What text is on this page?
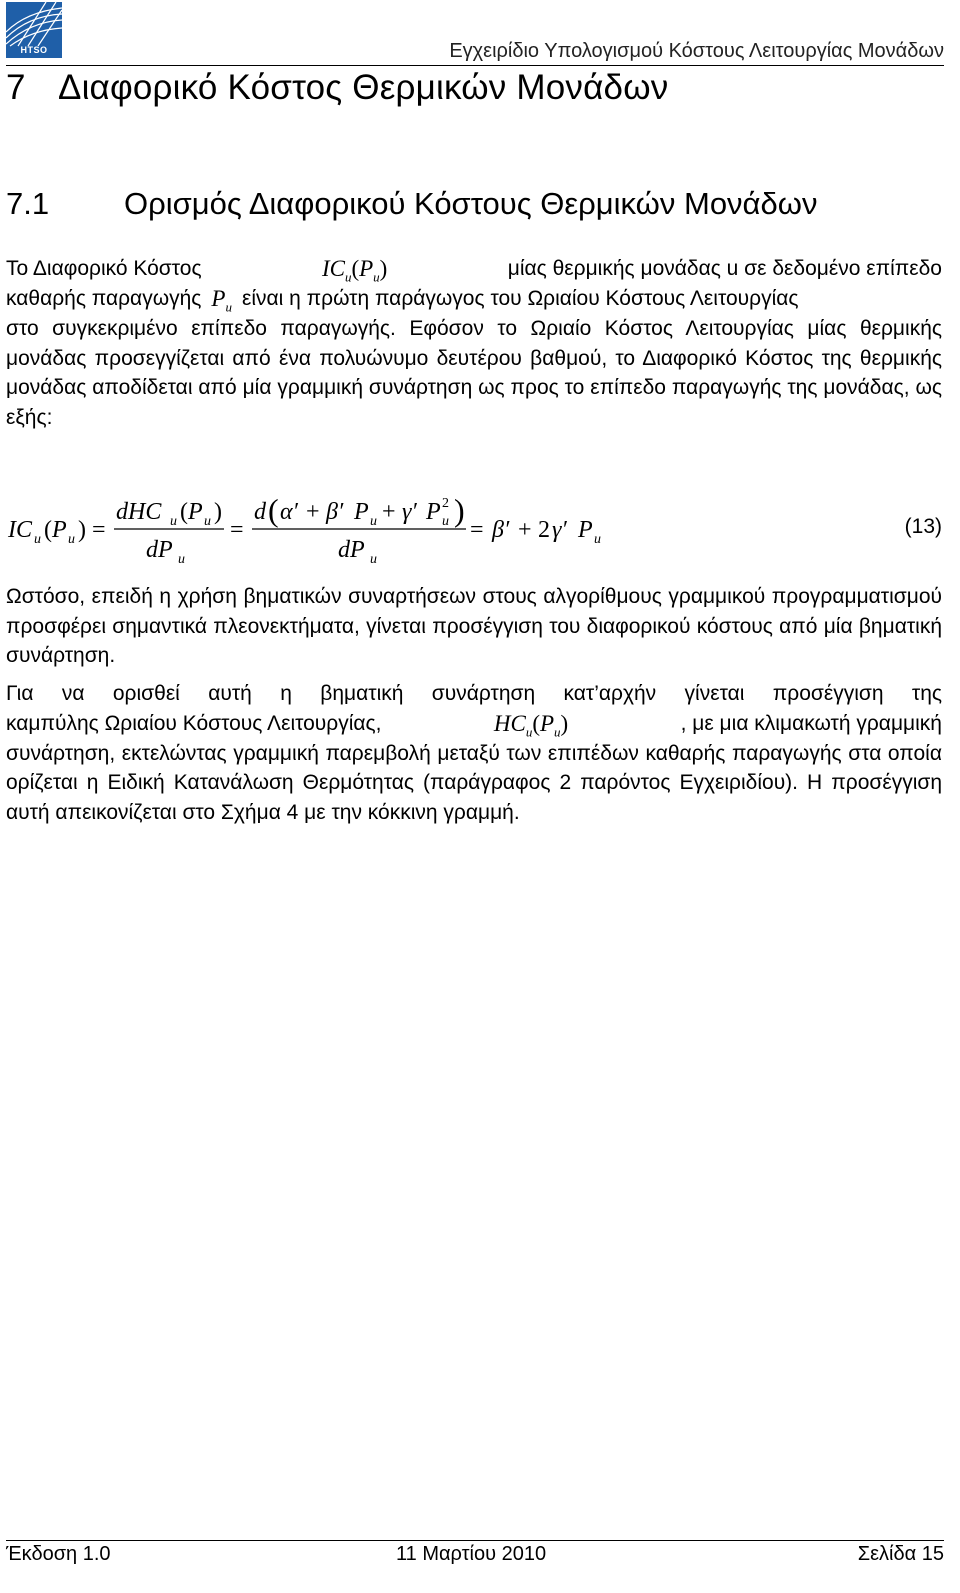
HTSO	Εγχειρίδιο Υπολογισμού Κόστους Λειτουργίας Μονάδων
7 Διαφορικό Κόστος Θερμικών Μονάδων
7.1 Ορισμός Διαφορικού Κόστους Θερμικών Μονάδων
Το Διαφορικό Κόστος	$IC_u(P_u)$	μίας θερμικής μονάδας u σε δεδομένο επίπεδο
καθαρής παραγωγής $P_u$ είναι η πρώτη παράγωγος του Ωριαίου Κόστους Λειτουργίας
στο συγκεκριμένο επίπεδο παραγωγής. Εφόσον το Ωριαίο Κόστος Λειτουργίας μίας θερμικής μονάδας προσεγγίζεται από ένα πολυώνυμο δευτέρου βαθμού, το Διαφορικό Κόστος της θερμικής μονάδας αποδίδεται από μία γραμμική συνάρτηση ως προς το επίπεδο παραγωγής της μονάδας, ως εξής:
IC u ( P u ) =
dHC u ( P u )
dP u
=
d ( α′ + β′ P u + γ′ P 2
u )
dP u
= β′ + 2 γ′ P u
(13)
Ωστόσο, επειδή η χρήση βηματικών συναρτήσεων στους αλγορίθμους γραμμικού προγραμματισμού προσφέρει σημαντικά πλεονεκτήματα, γίνεται προσέγγιση του διαφορικού κόστους από μία βηματική συνάρτηση.
Για να ορισθεί αυτή η βηματική συνάρτηση κατ’αρχήν γίνεται προσέγγιση της
καμπύλης Ωριαίου Κόστους Λειτουργίας,	$HC_u(P_u)$	, με μια κλιμακωτή γραμμική
συνάρτηση, εκτελώντας γραμμική παρεμβολή μεταξύ των επιπέδων καθαρής παραγωγής στα οποία ορίζεται η Ειδική Κατανάλωση Θερμότητας (παράγραφος 2 παρόντος Εγχειριδίου). Η προσέγγιση αυτή απεικονίζεται στο Σχήμα 4 με την κόκκινη γραμμή.
Έκδοση 1.0	11 Μαρτίου 2010	Σελίδα 15
